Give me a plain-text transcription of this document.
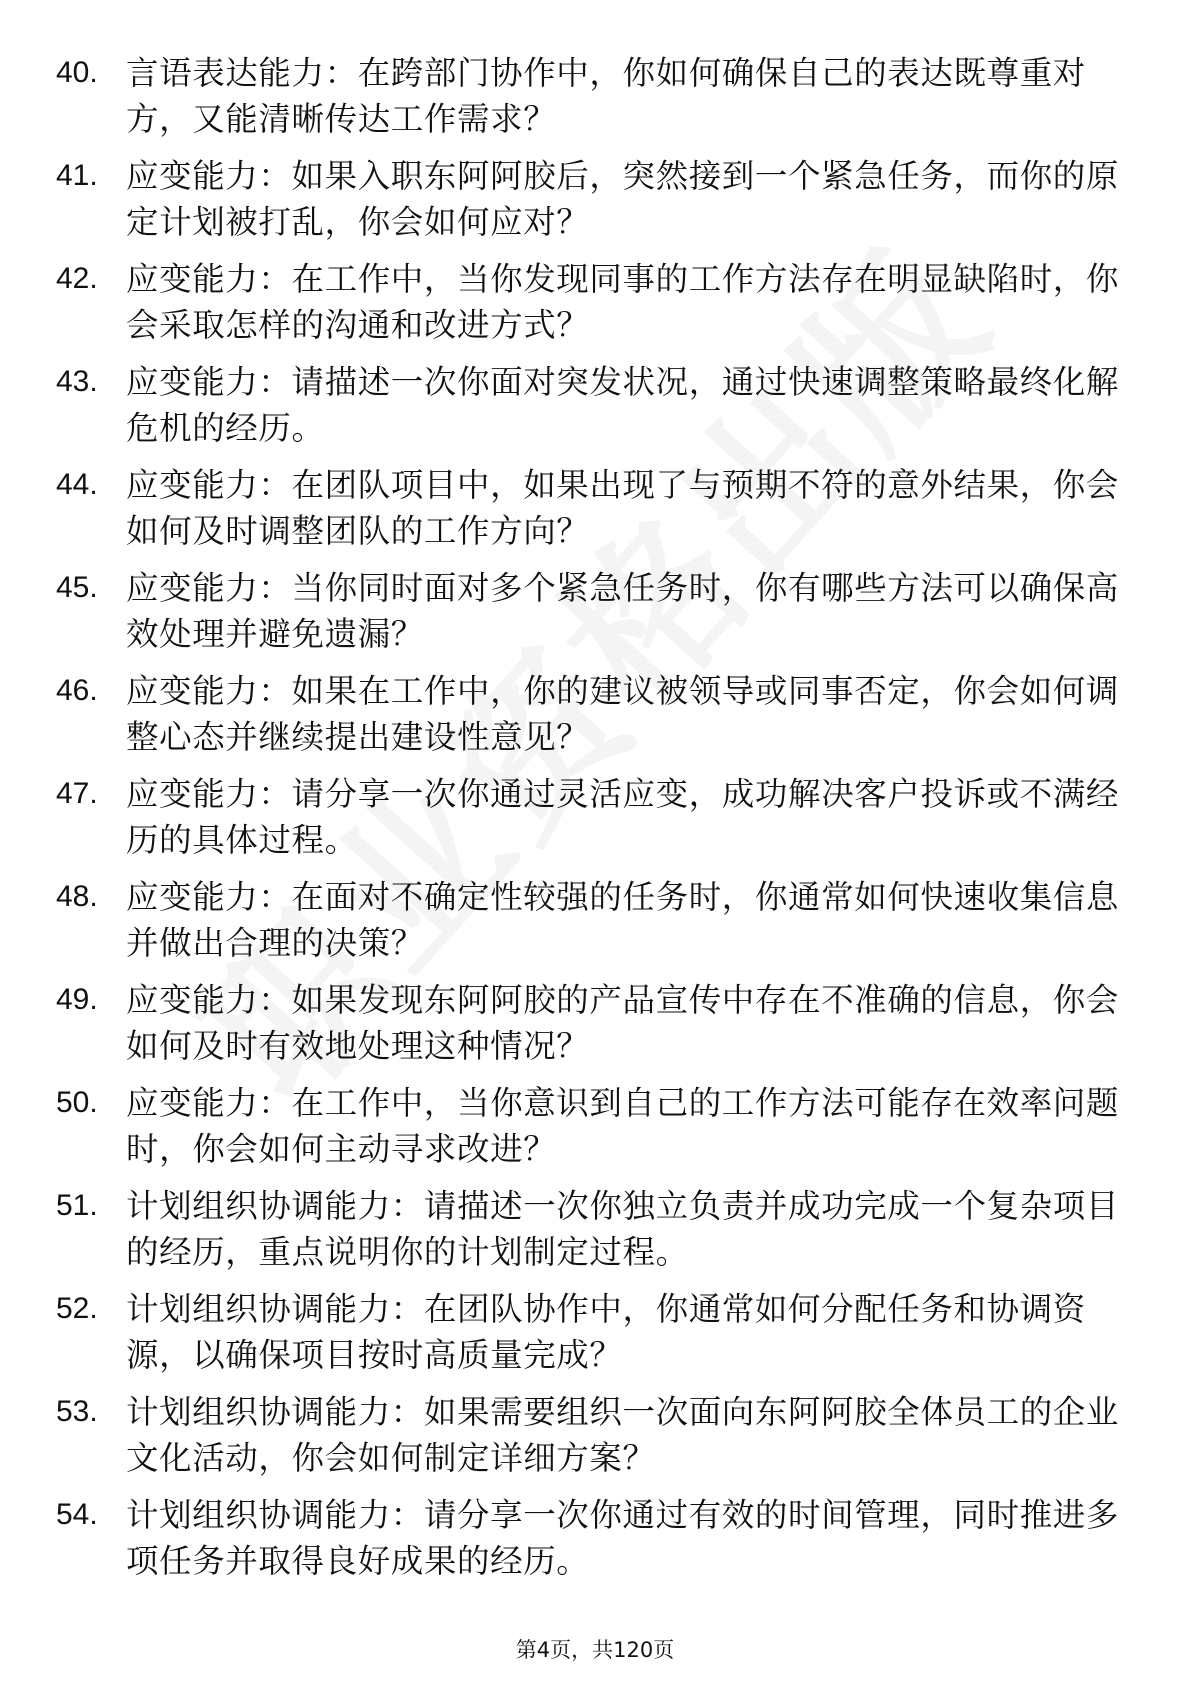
40. 言语表达能力：在跨部门协作中，你如何确保自己的表达既尊重对方，又能清晰传达工作需求？
41. 应变能力：如果入职东阿阿胶后，突然接到一个紧急任务，而你的原定计划被打乱，你会如何应对？
42. 应变能力：在工作中，当你发现同事的工作方法存在明显缺陷时，你会采取怎样的沟通和改进方式？
43. 应变能力：请描述一次你面对突发状况，通过快速调整策略最终化解危机的经历。
44. 应变能力：在团队项目中，如果出现了与预期不符的意外结果，你会如何及时调整团队的工作方向？
45. 应变能力：当你同时面对多个紧急任务时，你有哪些方法可以确保高效处理并避免遗漏？
46. 应变能力：如果在工作中，你的建议被领导或同事否定，你会如何调整心态并继续提出建设性意见？
47. 应变能力：请分享一次你通过灵活应变，成功解决客户投诉或不满经历的具体过程。
48. 应变能力：在面对不确定性较强的任务时，你通常如何快速收集信息并做出合理的决策？
49. 应变能力：如果发现东阿阿胶的产品宣传中存在不准确的信息，你会如何及时有效地处理这种情况？
50. 应变能力：在工作中，当你意识到自己的工作方法可能存在效率问题时，你会如何主动寻求改进？
51. 计划组织协调能力：请描述一次你独立负责并成功完成一个复杂项目的经历，重点说明你的计划制定过程。
52. 计划组织协调能力：在团队协作中，你通常如何分配任务和协调资源，以确保项目按时高质量完成？
53. 计划组织协调能力：如果需要组织一次面向东阿阿胶全体员工的企业文化活动，你会如何制定详细方案？
54. 计划组织协调能力：请分享一次你通过有效的时间管理，同时推进多项任务并取得良好成果的经历。
第4页，共120页
